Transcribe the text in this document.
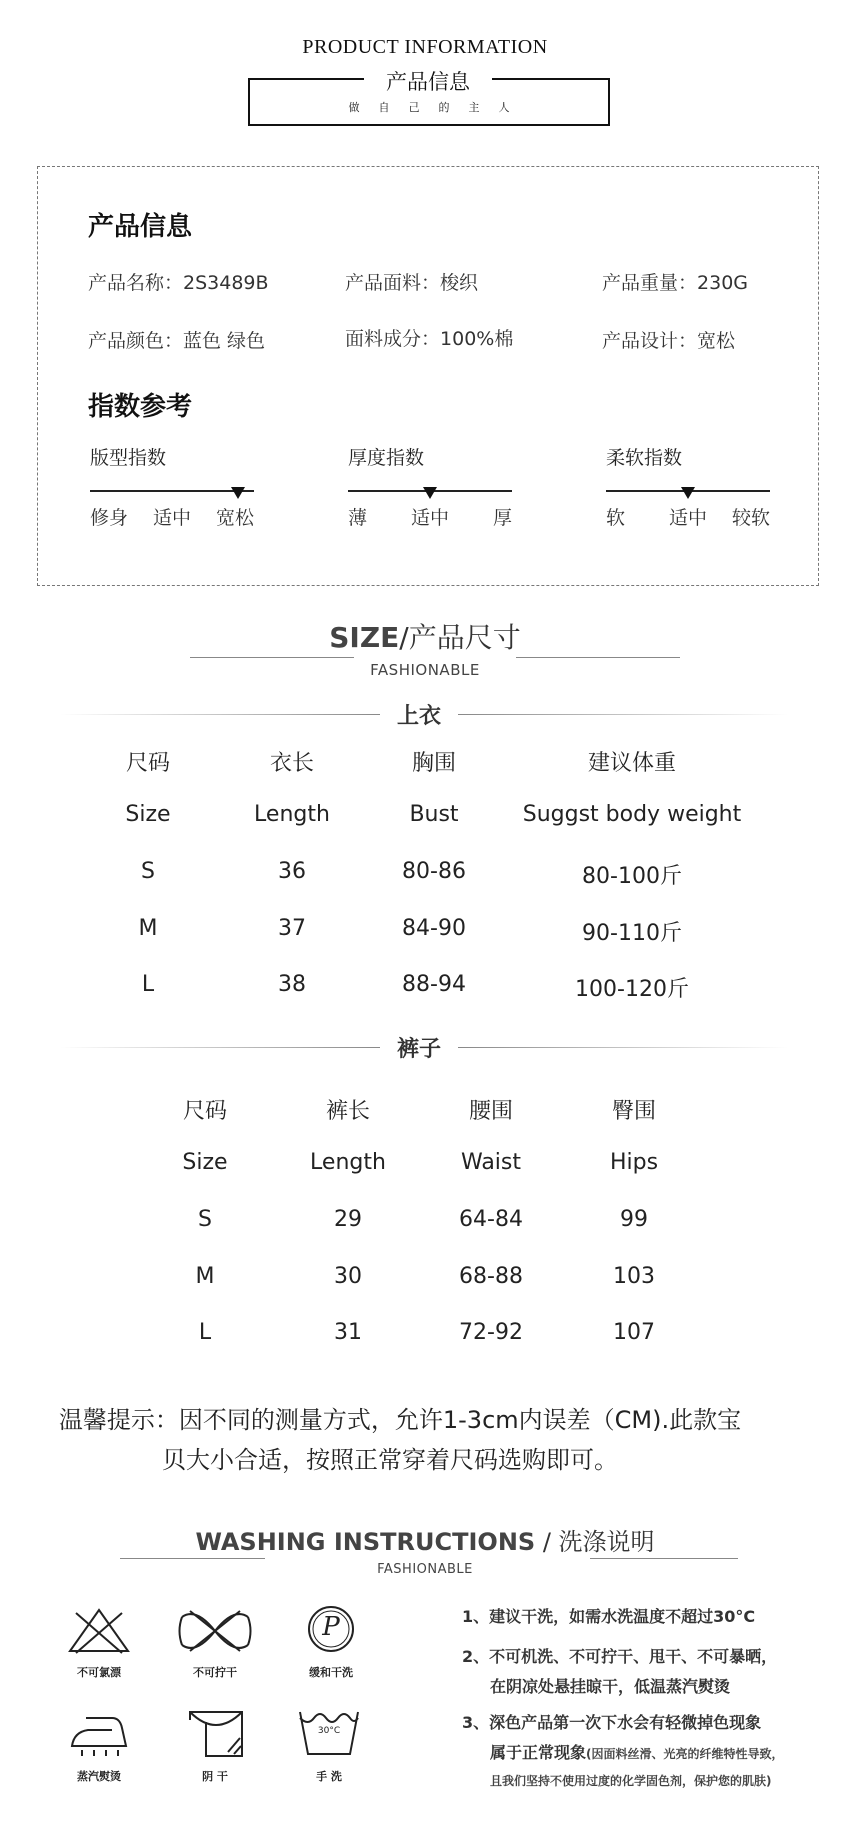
PRODUCT INFORMATION
产品信息
做自己的主人
产品信息
产品名称：2S3489B	产品面料：梭织	产品重量：230G
产品颜色：蓝色 绿色	面料成分：100%棉	产品设计：宽松
指数参考
版型指数
修身	适中	宽松
厚度指数
薄	适中	厚
柔软指数
软	适中	较软
SIZE/产品尺寸
FASHIONABLE
上衣
尺码	衣长	胸围	建议体重
Size	Length	Bust	Suggst body weight
S	36	80-86	80-100斤
M	37	84-90	90-110斤
L	38	88-94	100-120斤
裤子
尺码	裤长	腰围	臀围
Size	Length	Waist	Hips
S	29	64-84	99
M	30	68-88	103
L	31	72-92	107
温馨提示：因不同的测量方式，允许1-3cm内误差（CM).此款宝
贝大小合适，按照正常穿着尺码选购即可。
WASHING INSTRUCTIONS / 洗涤说明
FASHIONABLE
不可氯漂	不可拧干
P
缓和干洗
蒸汽熨烫	阴 干
30°C
手 洗
1、建议干洗，如需水洗温度不超过30°C
2、不可机洗、不可拧干、甩干、不可暴晒，
在阴凉处悬挂晾干，低温蒸汽熨烫
3、深色产品第一次下水会有轻微掉色现象
属于正常现象(因面料丝滑、光亮的纤维特性导致，
且我们坚持不使用过度的化学固色剂，保护您的肌肤)
